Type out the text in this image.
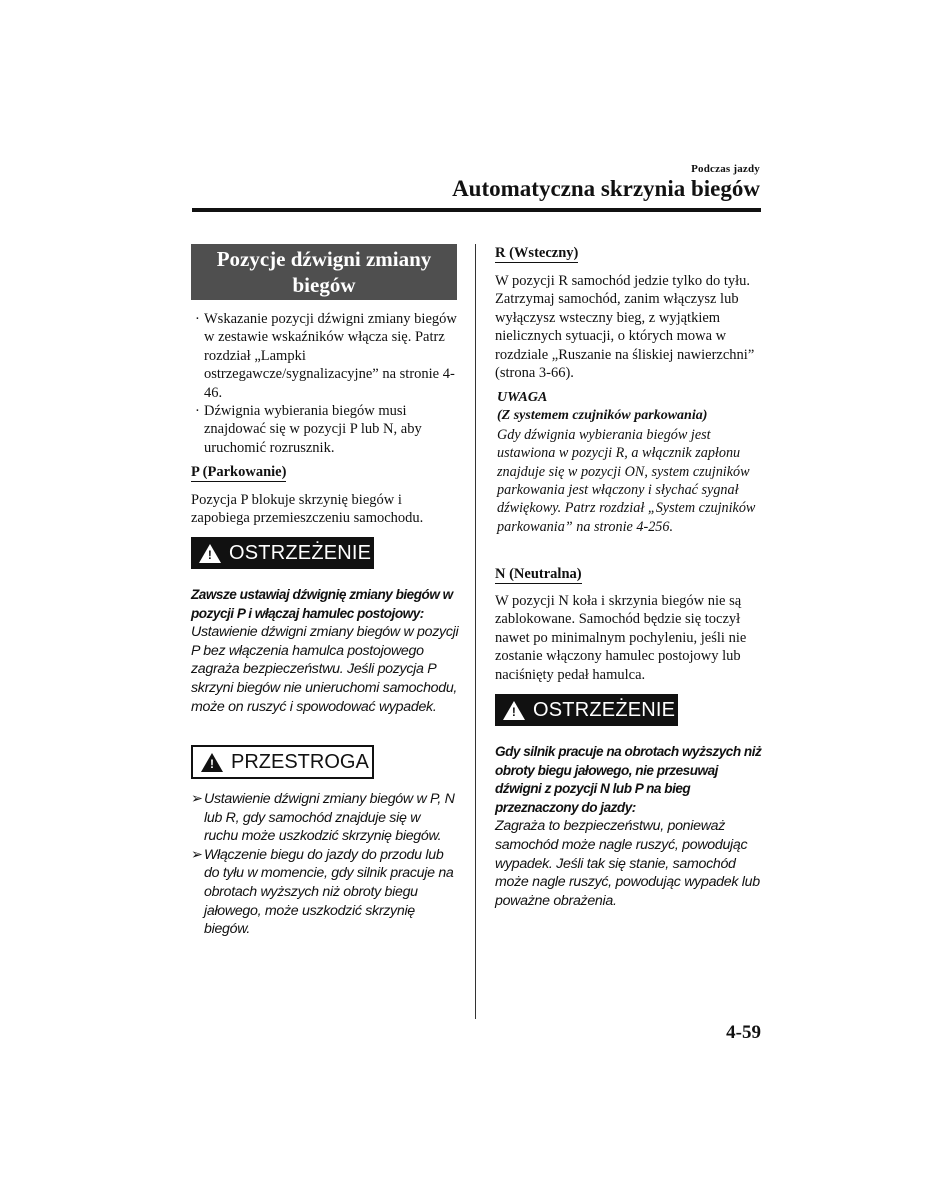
Podczas jazdy
Automatyczna skrzynia biegów
Pozycje dźwigni zmiany
biegów
· Wskazanie pozycji dźwigni zmiany biegów w zestawie wskaźników włącza się. Patrz rozdział „Lampki ostrzegawcze/sygnalizacyjne” na stronie 4-46.
· Dźwignia wybierania biegów musi znajdować się w pozycji P lub N, aby uruchomić rozrusznik.
P (Parkowanie)
Pozycja P blokuje skrzynię biegów i zapobiega przemieszczeniu samochodu.
! OSTRZEŻENIE
Zawsze ustawiaj dźwignię zmiany biegów w pozycji P i włączaj hamulec postojowy:
Ustawienie dźwigni zmiany biegów w pozycji P bez włączenia hamulca postojowego zagraża bezpieczeństwu. Jeśli pozycja P skrzyni biegów nie unieruchomi samochodu, może on ruszyć i spowodować wypadek.
! PRZESTROGA
➢ Ustawienie dźwigni zmiany biegów w P, N lub R, gdy samochód znajduje się w ruchu może uszkodzić skrzynię biegów.
➢ Włączenie biegu do jazdy do przodu lub do tyłu w momencie, gdy silnik pracuje na obrotach wyższych niż obroty biegu jałowego, może uszkodzić skrzynię biegów.
R (Wsteczny)
W pozycji R samochód jedzie tylko do tyłu. Zatrzymaj samochód, zanim włączysz lub wyłączysz wsteczny bieg, z wyjątkiem nielicznych sytuacji, o których mowa w rozdziale „Ruszanie na śliskiej nawierzchni” (strona 3-66).
UWAGA
(Z systemem czujników parkowania)
Gdy dźwignia wybierania biegów jest ustawiona w pozycji R, a włącznik zapłonu znajduje się w pozycji ON, system czujników parkowania jest włączony i słychać sygnał dźwiękowy. Patrz rozdział „System czujników parkowania” na stronie 4-256.
N (Neutralna)
W pozycji N koła i skrzynia biegów nie są zablokowane. Samochód będzie się toczył nawet po minimalnym pochyleniu, jeśli nie zostanie włączony hamulec postojowy lub naciśnięty pedał hamulca.
! OSTRZEŻENIE
Gdy silnik pracuje na obrotach wyższych niż obroty biegu jałowego, nie przesuwaj dźwigni z pozycji N lub P na bieg przeznaczony do jazdy:
Zagraża to bezpieczeństwu, ponieważ samochód może nagle ruszyć, powodując wypadek. Jeśli tak się stanie, samochód może nagle ruszyć, powodując wypadek lub poważne obrażenia.
4-59
